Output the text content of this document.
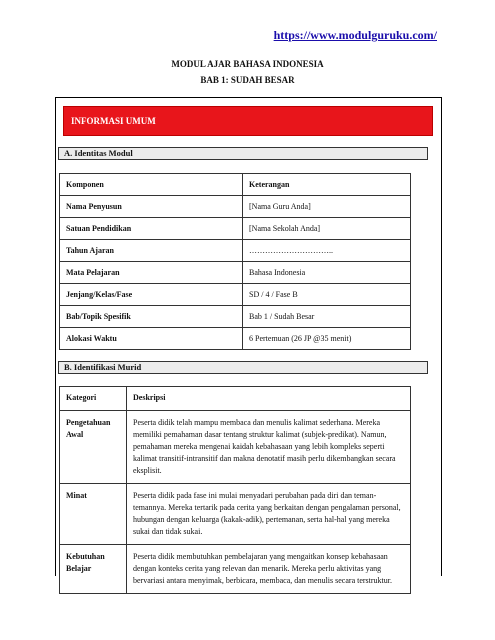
https://www.modulguruku.com/
MODUL AJAR BAHASA INDONESIA
BAB 1: SUDAH BESAR
INFORMASI UMUM
A. Identitas Modul
Komponen	Keterangan
Nama Penyusun	[Nama Guru Anda]
Satuan Pendidikan	[Nama Sekolah Anda]
Tahun Ajaran	…………………………..
Mata Pelajaran	Bahasa Indonesia
Jenjang/Kelas/Fase	SD / 4 / Fase B
Bab/Topik Spesifik	Bab 1 / Sudah Besar
Alokasi Waktu	6 Pertemuan (26 JP @35 menit)
B. Identifikasi Murid
Kategori	Deskripsi
Pengetahuan Awal	Peserta didik telah mampu membaca dan menulis kalimat sederhana. Mereka memiliki pemahaman dasar tentang struktur kalimat (subjek-predikat). Namun, pemahaman mereka mengenai kaidah kebahasaan yang lebih kompleks seperti kalimat transitif-intransitif dan makna denotatif masih perlu dikembangkan secara eksplisit.
Minat	Peserta didik pada fase ini mulai menyadari perubahan pada diri dan teman-temannya. Mereka tertarik pada cerita yang berkaitan dengan pengalaman personal, hubungan dengan keluarga (kakak-adik), pertemanan, serta hal-hal yang mereka sukai dan tidak sukai.
Kebutuhan Belajar	Peserta didik membutuhkan pembelajaran yang mengaitkan konsep kebahasaan dengan konteks cerita yang relevan dan menarik. Mereka perlu aktivitas yang bervariasi antara menyimak, berbicara, membaca, dan menulis secara terstruktur.
